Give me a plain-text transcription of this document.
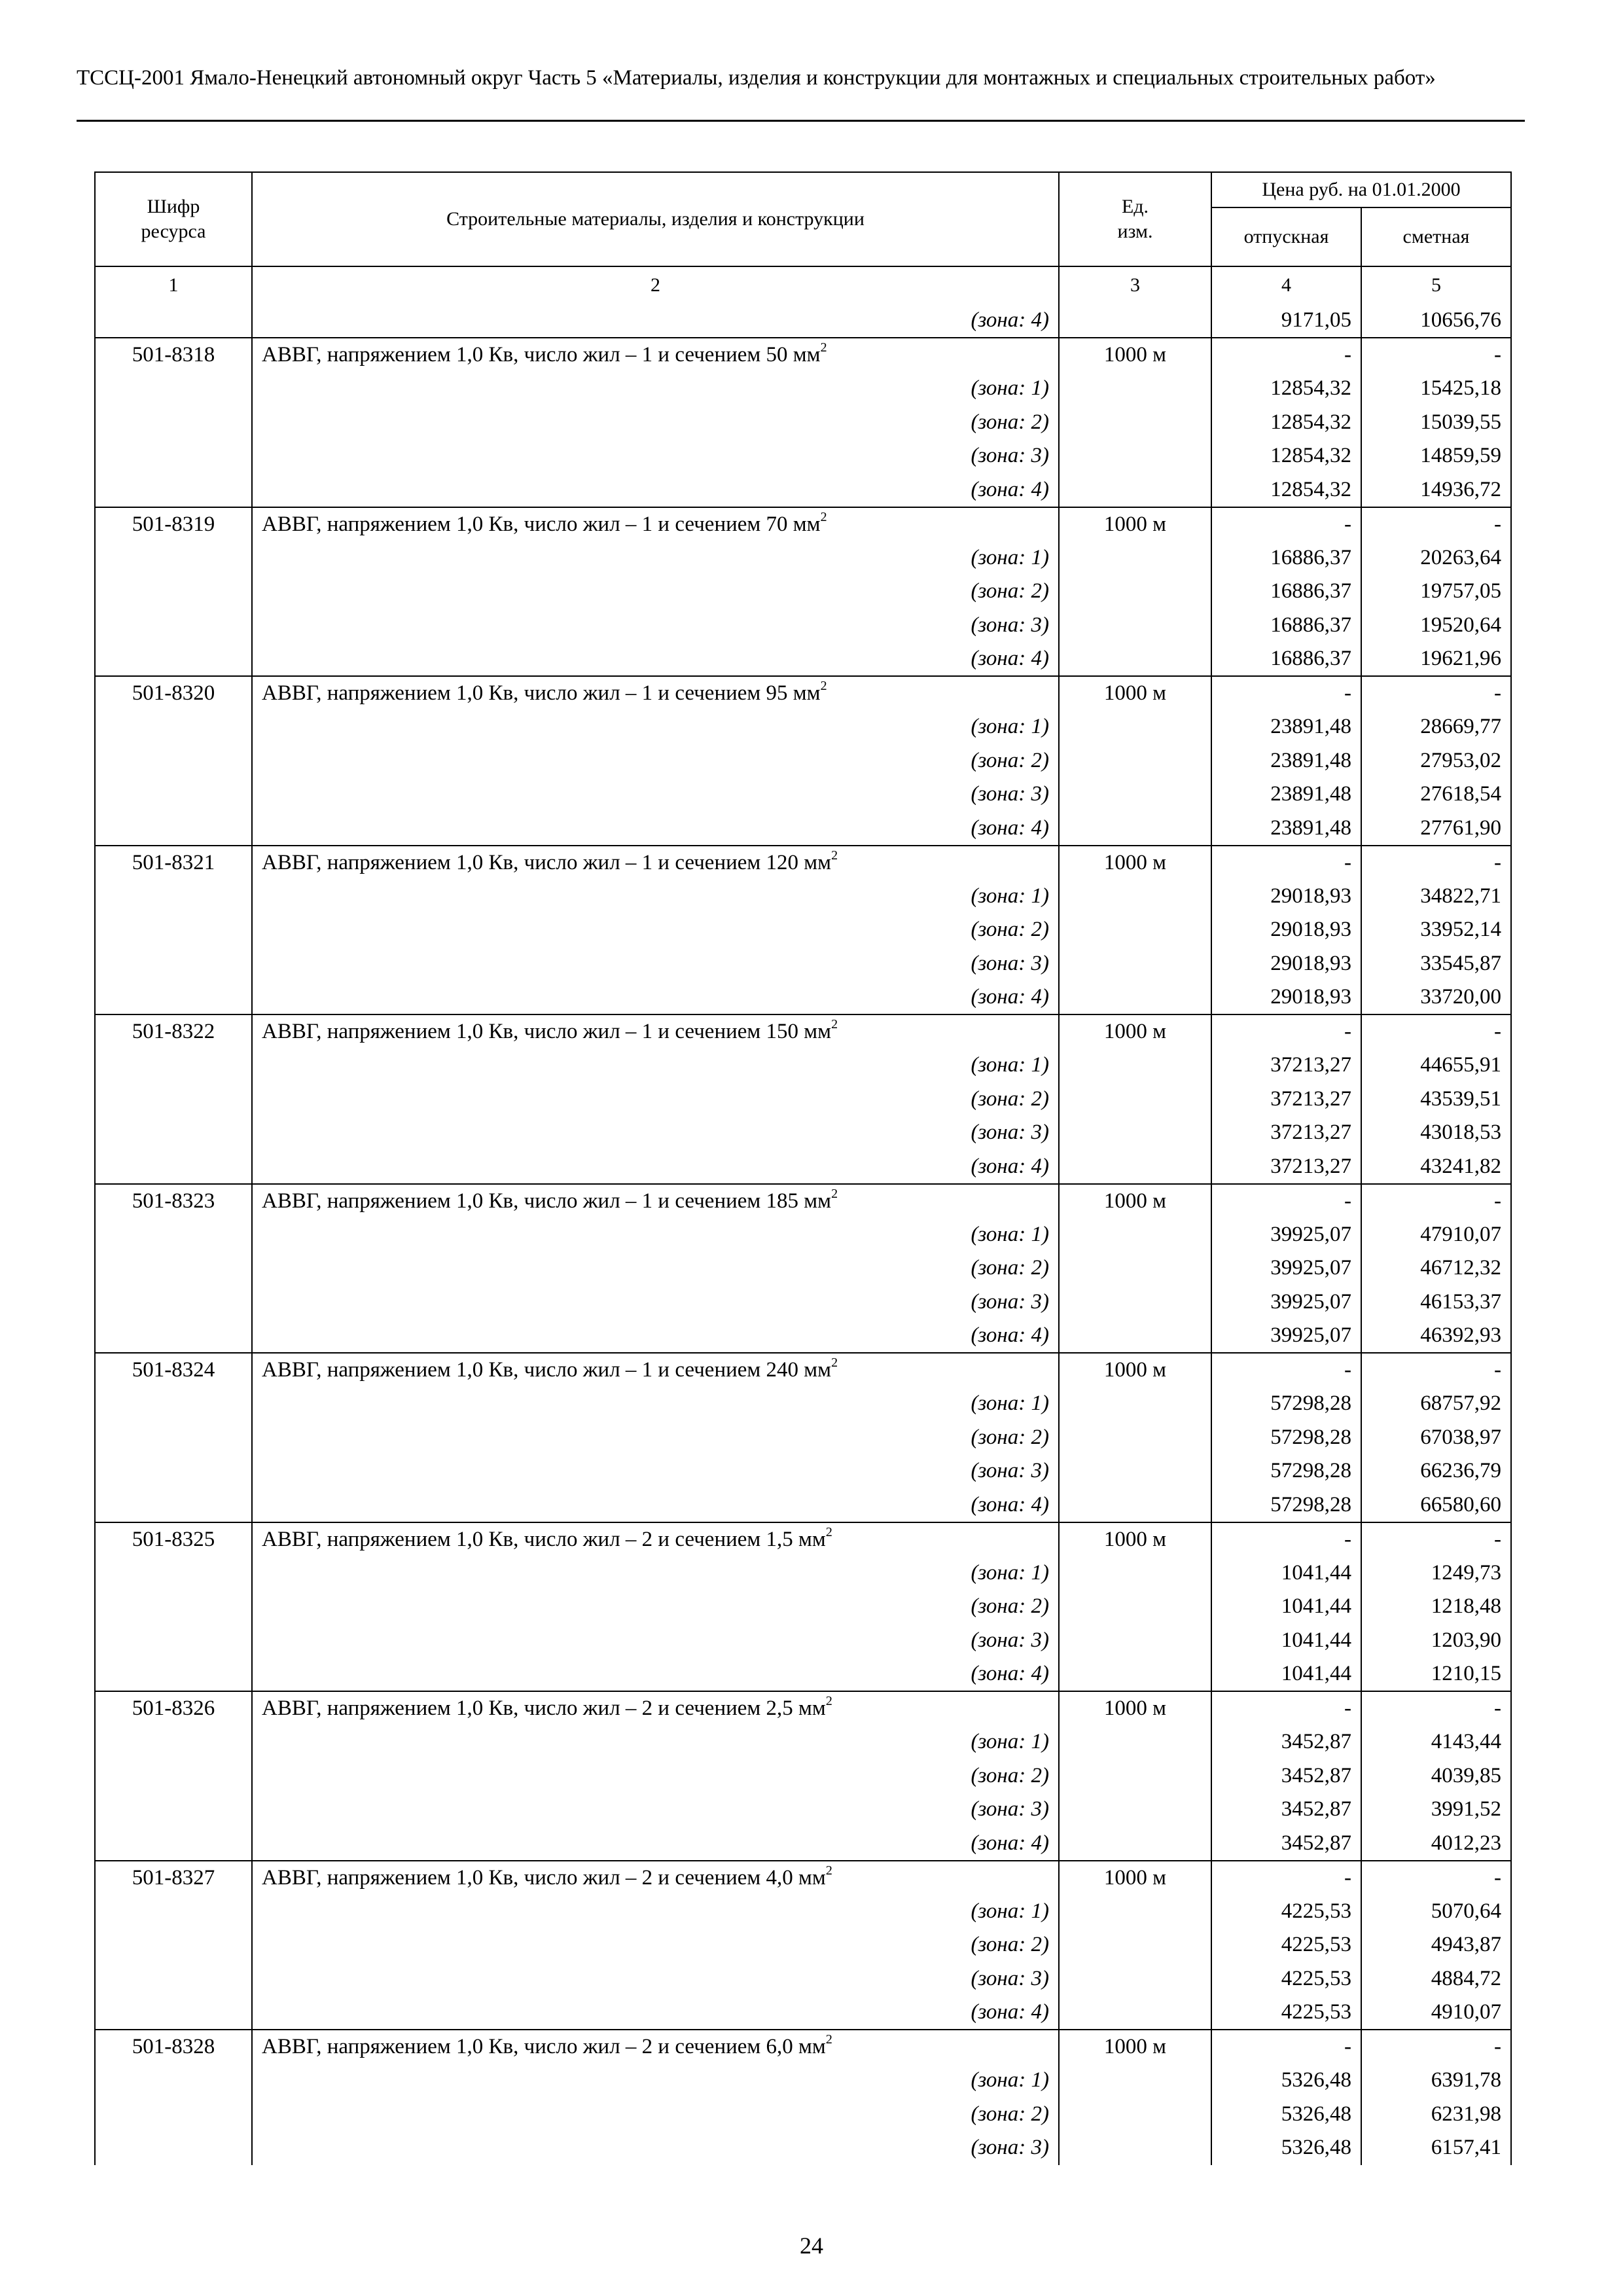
ТССЦ-2001 Ямало-Ненецкий автономный округ Часть 5 «Материалы, изделия и конструкции для монтажных и специальных строительных работ»
Шифр ресурса	Строительные материалы, изделия и конструкции	Ед. изм.	Цена руб. на 01.01.2000	
			отпускная	сметная
1	2	3	4	5
	(зона: 4)		9171,05	10656,76
501-8318	АВВГ, напряжением 1,0 Кв, число жил – 1 и сечением 50 $мм^2$	1000 м	-	-
	(зона: 1)		12854,32	15425,18
	(зона: 2)		12854,32	15039,55
	(зона: 3)		12854,32	14859,59
	(зона: 4)		12854,32	14936,72
501-8319	АВВГ, напряжением 1,0 Кв, число жил – 1 и сечением 70 $мм^2$	1000 м	-	-
	(зона: 1)		16886,37	20263,64
	(зона: 2)		16886,37	19757,05
	(зона: 3)		16886,37	19520,64
	(зона: 4)		16886,37	19621,96
501-8320	АВВГ, напряжением 1,0 Кв, число жил – 1 и сечением 95 $мм^2$	1000 м	-	-
	(зона: 1)		23891,48	28669,77
	(зона: 2)		23891,48	27953,02
	(зона: 3)		23891,48	27618,54
	(зона: 4)		23891,48	27761,90
501-8321	АВВГ, напряжением 1,0 Кв, число жил – 1 и сечением 120 $мм^2$	1000 м	-	-
	(зона: 1)		29018,93	34822,71
	(зона: 2)		29018,93	33952,14
	(зона: 3)		29018,93	33545,87
	(зона: 4)		29018,93	33720,00
501-8322	АВВГ, напряжением 1,0 Кв, число жил – 1 и сечением 150 $мм^2$	1000 м	-	-
	(зона: 1)		37213,27	44655,91
	(зона: 2)		37213,27	43539,51
	(зона: 3)		37213,27	43018,53
	(зона: 4)		37213,27	43241,82
501-8323	АВВГ, напряжением 1,0 Кв, число жил – 1 и сечением 185 $мм^2$	1000 м	-	-
	(зона: 1)		39925,07	47910,07
	(зона: 2)		39925,07	46712,32
	(зона: 3)		39925,07	46153,37
	(зона: 4)		39925,07	46392,93
501-8324	АВВГ, напряжением 1,0 Кв, число жил – 1 и сечением 240 $мм^2$	1000 м	-	-
	(зона: 1)		57298,28	68757,92
	(зона: 2)		57298,28	67038,97
	(зона: 3)		57298,28	66236,79
	(зона: 4)		57298,28	66580,60
501-8325	АВВГ, напряжением 1,0 Кв, число жил – 2 и сечением 1,5 $мм^2$	1000 м	-	-
	(зона: 1)		1041,44	1249,73
	(зона: 2)		1041,44	1218,48
	(зона: 3)		1041,44	1203,90
	(зона: 4)		1041,44	1210,15
501-8326	АВВГ, напряжением 1,0 Кв, число жил – 2 и сечением 2,5 $мм^2$	1000 м	-	-
	(зона: 1)		3452,87	4143,44
	(зона: 2)		3452,87	4039,85
	(зона: 3)		3452,87	3991,52
	(зона: 4)		3452,87	4012,23
501-8327	АВВГ, напряжением 1,0 Кв, число жил – 2 и сечением 4,0 $мм^2$	1000 м	-	-
	(зона: 1)		4225,53	5070,64
	(зона: 2)		4225,53	4943,87
	(зона: 3)		4225,53	4884,72
	(зона: 4)		4225,53	4910,07
501-8328	АВВГ, напряжением 1,0 Кв, число жил – 2 и сечением 6,0 $мм^2$	1000 м	-	-
	(зона: 1)		5326,48	6391,78
	(зона: 2)		5326,48	6231,98
	(зона: 3)		5326,48	6157,41
24
